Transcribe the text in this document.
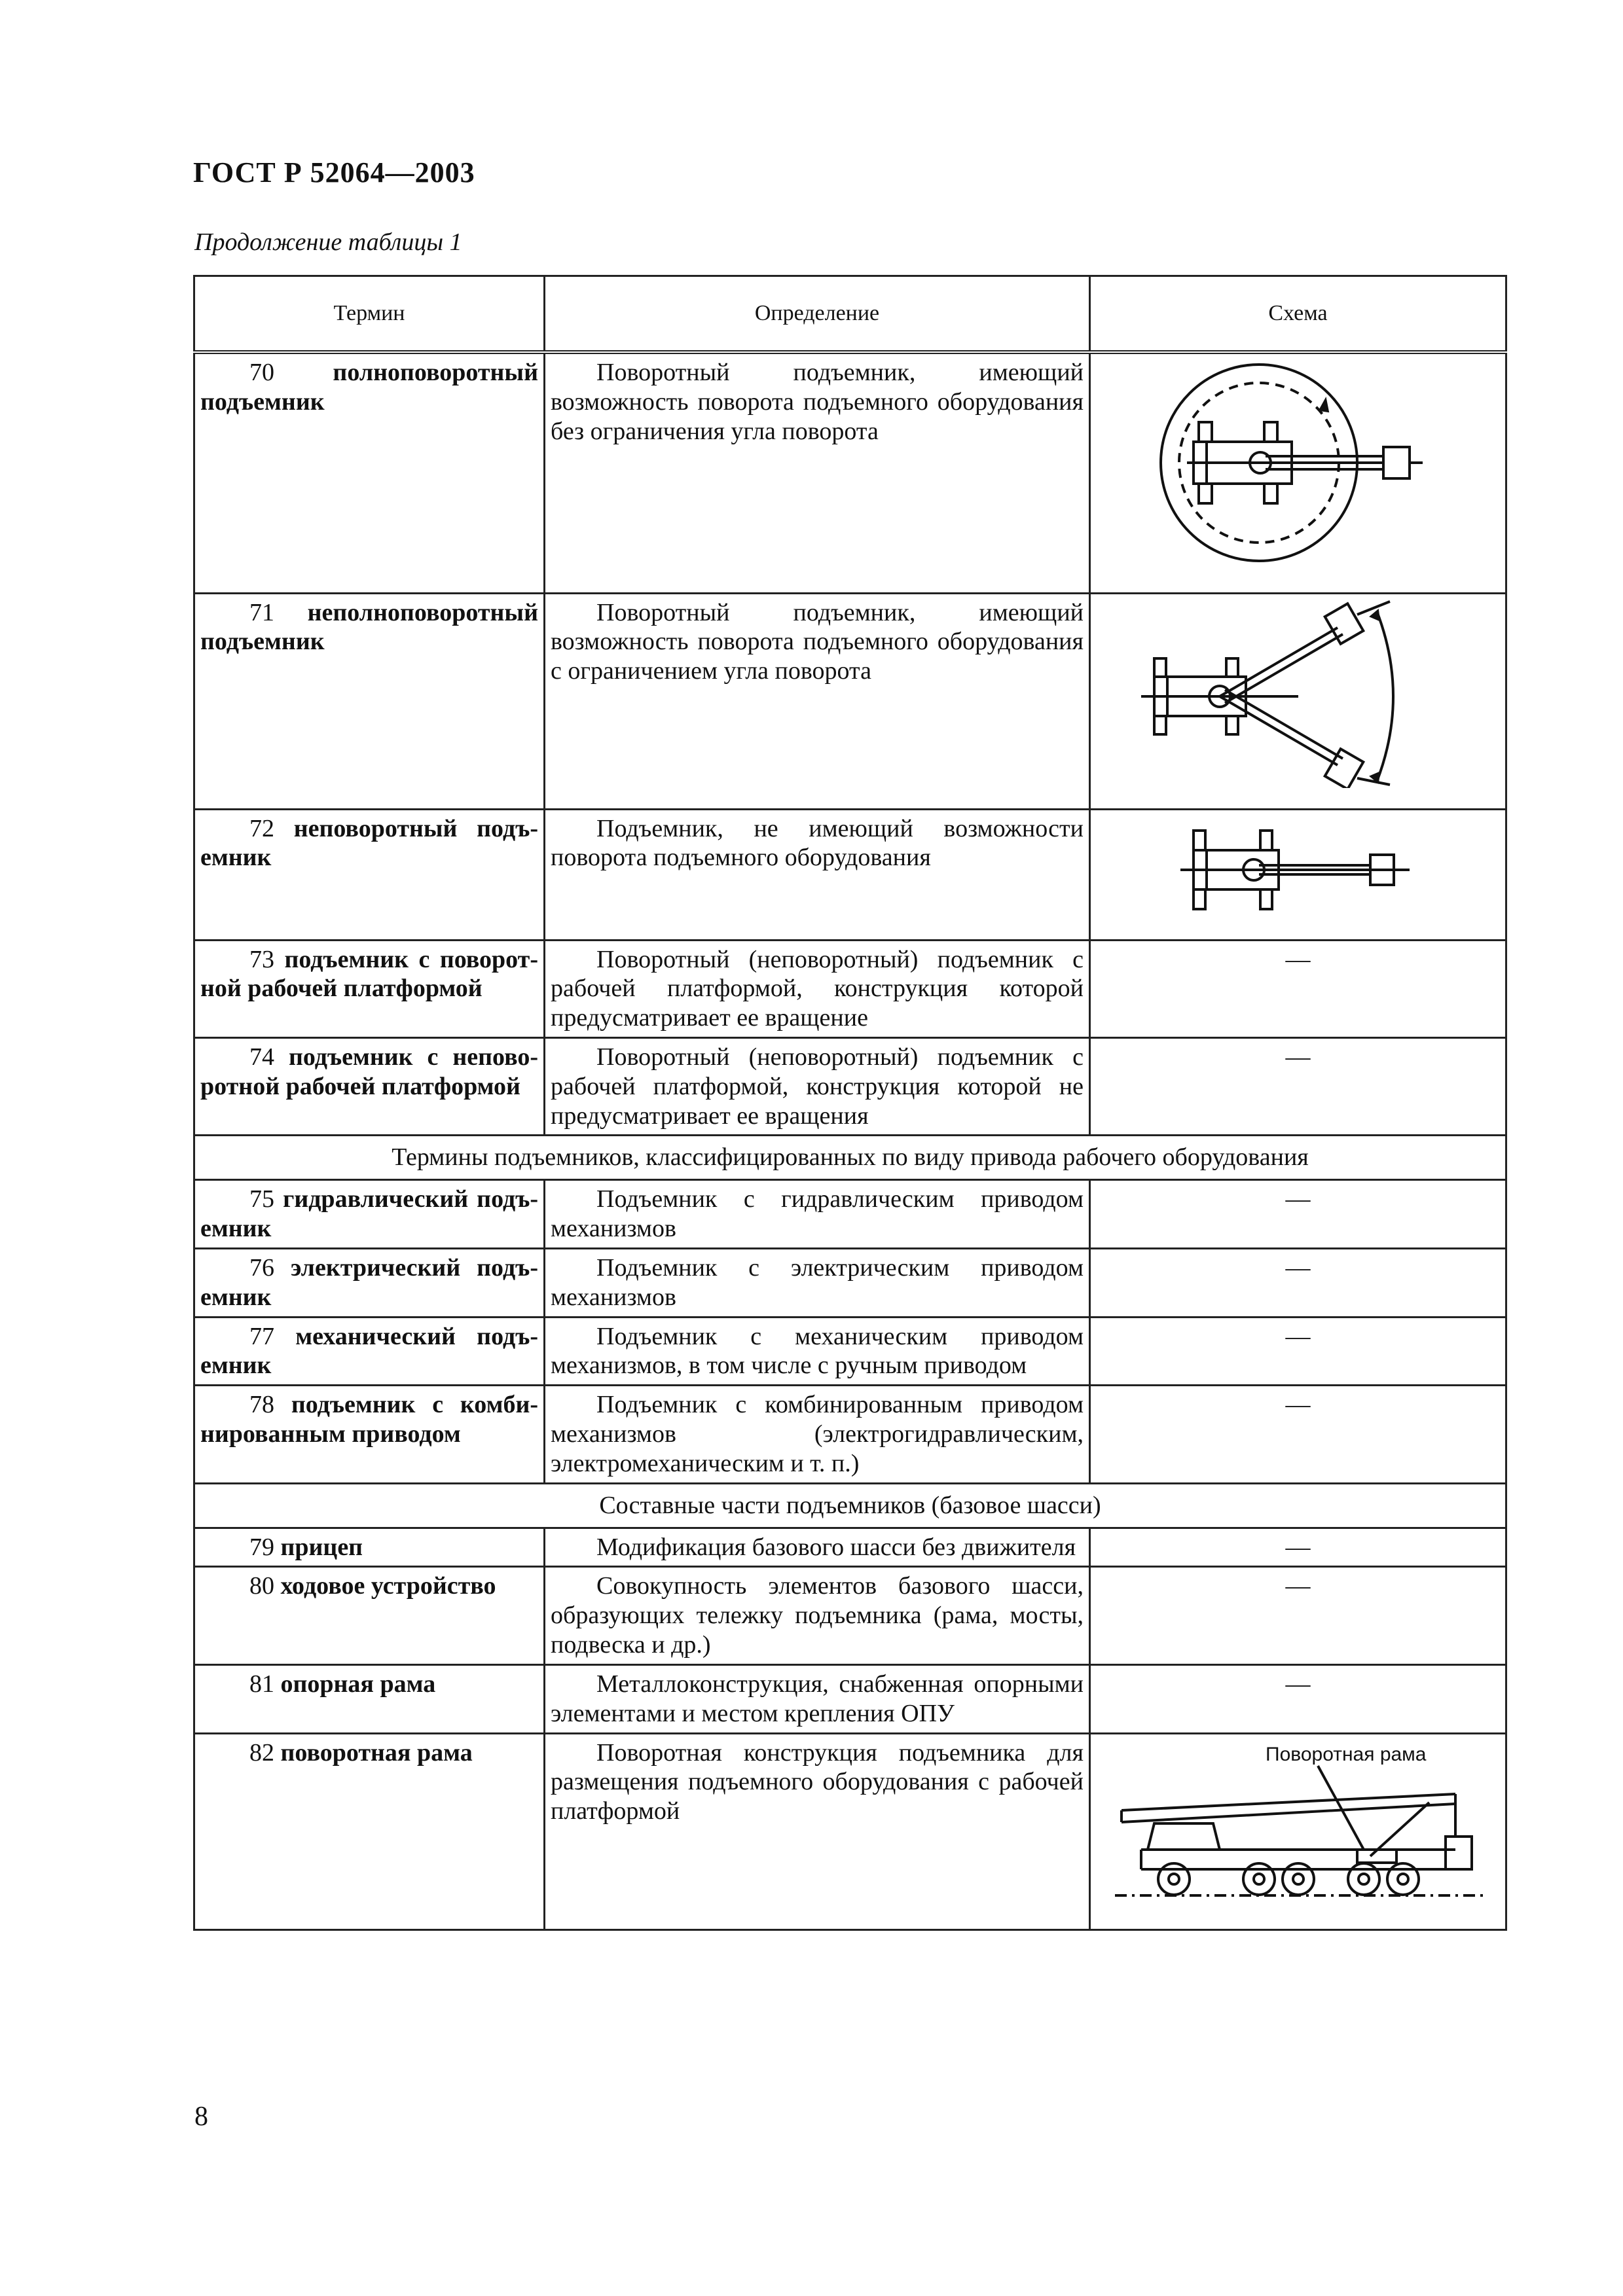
ГОСТ Р 52064—2003
Продолжение таблицы 1
Термин	Определение	Схема
70 полноповоротный подъемник	Поворотный подъемник, имеющий возможность поворота подъемного оборудования без ограничения угла поворота	

71 неполноповоротный подъемник	Поворотный подъемник, имеющий возможность поворота подъемного оборудования с ограничением угла поворота	

72 неповоротный подъемник	Подъемник, не имеющий возможности поворота подъемного оборудования	

73 подъемник с поворотной рабочей платформой	Поворотный (неповоротный) подъемник с рабочей платформой, конструкция которой предусматривает ее вращение	—
74 подъемник с неповоротной рабочей платформой	Поворотный (неповоротный) подъемник с рабочей платформой, конструкция которой не предусматривает ее вращения	—
Термины подъемников, классифицированных по виду привода рабочего оборудования		
75 гидравлический подъемник	Подъемник с гидравлическим приводом механизмов	—
76 электрический подъемник	Подъемник с электрическим приводом механизмов	—
77 механический подъемник	Подъемник с механическим приводом механизмов, в том числе с ручным приводом	—
78 подъемник с комбинированным приводом	Подъемник с комбинированным приводом механизмов (электрогидравлическим, электромеханическим и т. п.)	—
Составные части подъемников (базовое шасси)		
79 прицеп	Модификация базового шасси без движителя	—
80 ходовое устройство	Совокупность элементов базового шасси, образующих тележку подъемника (рама, мосты, подвеска и др.)	—
81 опорная рама	Металлоконструкция, снабженная опорными элементами и местом крепления ОПУ	—
82 поворотная рама	Поворотная конструкция подъемника для размещения подъемного оборудования с рабочей платформой	Поворотная рама
8
